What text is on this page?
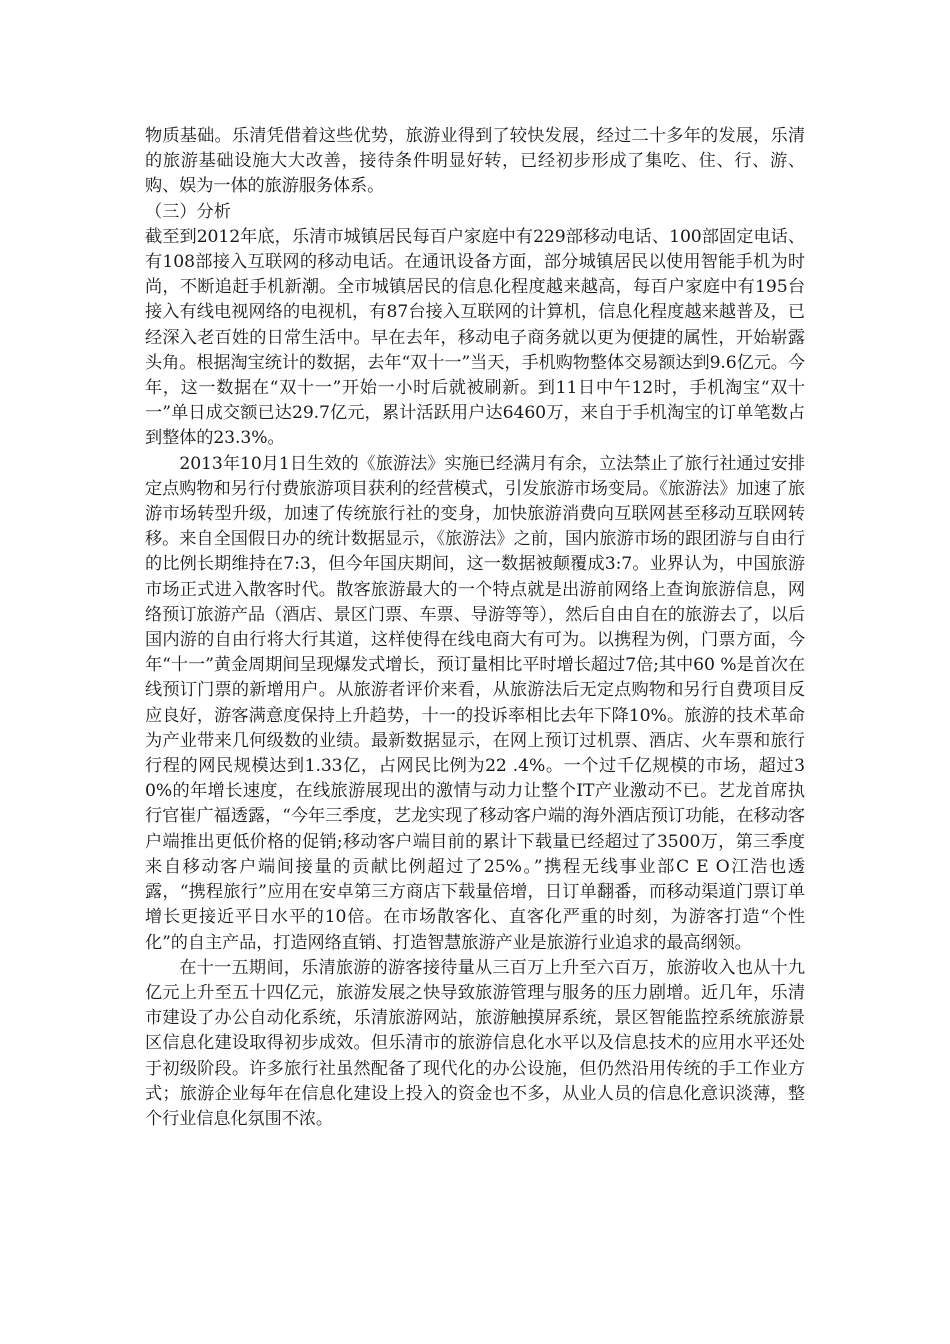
物质基础。乐清凭借着这些优势，旅游业得到了较快发展，经过二十多年的发展，乐清的旅游基础设施大大改善，接待条件明显好转，已经初步形成了集吃、住、行、游、购、娱为一体的旅游服务体系。

（三）分析

截至到2012年底，乐清市城镇居民每百户家庭中有229部移动电话、100部固定电话、有108部接入互联网的移动电话。在通讯设备方面，部分城镇居民以使用智能手机为时尚，不断追赶手机新潮。全市城镇居民的信息化程度越来越高，每百户家庭中有195台接入有线电视网络的电视机，有87台接入互联网的计算机，信息化程度越来越普及，已经深入老百姓的日常生活中。早在去年，移动电子商务就以更为便捷的属性，开始崭露头角。根据淘宝统计的数据，去年“双十一”当天，手机购物整体交易额达到9.6亿元。今年，这一数据在“双十一”开始一小时后就被刷新。到11日中午12时，手机淘宝“双十一”单日成交额已达29.7亿元，累计活跃用户达6460万，来自于手机淘宝的订单笔数占到整体的23.3%。

2013年10月1日生效的《旅游法》实施已经满月有余，立法禁止了旅行社通过安排定点购物和另行付费旅游项目获利的经营模式，引发旅游市场变局。《旅游法》加速了旅游市场转型升级，加速了传统旅行社的变身，加快旅游消费向互联网甚至移动互联网转移。来自全国假日办的统计数据显示，《旅游法》之前，国内旅游市场的跟团游与自由行的比例长期维持在7:3，但今年国庆期间，这一数据被颠覆成3:7。业界认为，中国旅游市场正式进入散客时代。散客旅游最大的一个特点就是出游前网络上查询旅游信息，网络预订旅游产品（酒店、景区门票、车票、导游等等），然后自由自在的旅游去了，以后国内游的自由行将大行其道，这样使得在线电商大有可为。以携程为例，门票方面，今年“十一”黄金周期间呈现爆发式增长，预订量相比平时增长超过7倍;其中60 %是首次在线预订门票的新增用户。从旅游者评价来看，从旅游法后无定点购物和另行自费项目反应良好，游客满意度保持上升趋势，十一的投诉率相比去年下降10%。旅游的技术革命为产业带来几何级数的业绩。最新数据显示，在网上预订过机票、酒店、火车票和旅行行程的网民规模达到1.33亿，占网民比例为22 .4%。一个过千亿规模的市场，超过30%的年增长速度，在线旅游展现出的激情与动力让整个IT产业激动不已。艺龙首席执行官崔广福透露，“今年三季度，艺龙实现了移动客户端的海外酒店预订功能，在移动客户端推出更低价格的促销;移动客户端目前的累计下载量已经超过了3500万，第三季度来自移动客户端间接量的贡献比例超过了25%。”携程无线事业部C E O江浩也透露，“携程旅行”应用在安卓第三方商店下载量倍增，日订单翻番，而移动渠道门票订单增长更接近平日水平的10倍。在市场散客化、直客化严重的时刻，为游客打造“个性化”的自主产品，打造网络直销、打造智慧旅游产业是旅游行业追求的最高纲领。

在十一五期间，乐清旅游的游客接待量从三百万上升至六百万，旅游收入也从十九亿元上升至五十四亿元，旅游发展之快导致旅游管理与服务的压力剧增。近几年，乐清市建设了办公自动化系统，乐清旅游网站，旅游触摸屏系统，景区智能监控系统旅游景区信息化建设取得初步成效。但乐清市的旅游信息化水平以及信息技术的应用水平还处于初级阶段。许多旅行社虽然配备了现代化的办公设施，但仍然沿用传统的手工作业方式；旅游企业每年在信息化建设上投入的资金也不多，从业人员的信息化意识淡薄，整个行业信息化氛围不浓。
